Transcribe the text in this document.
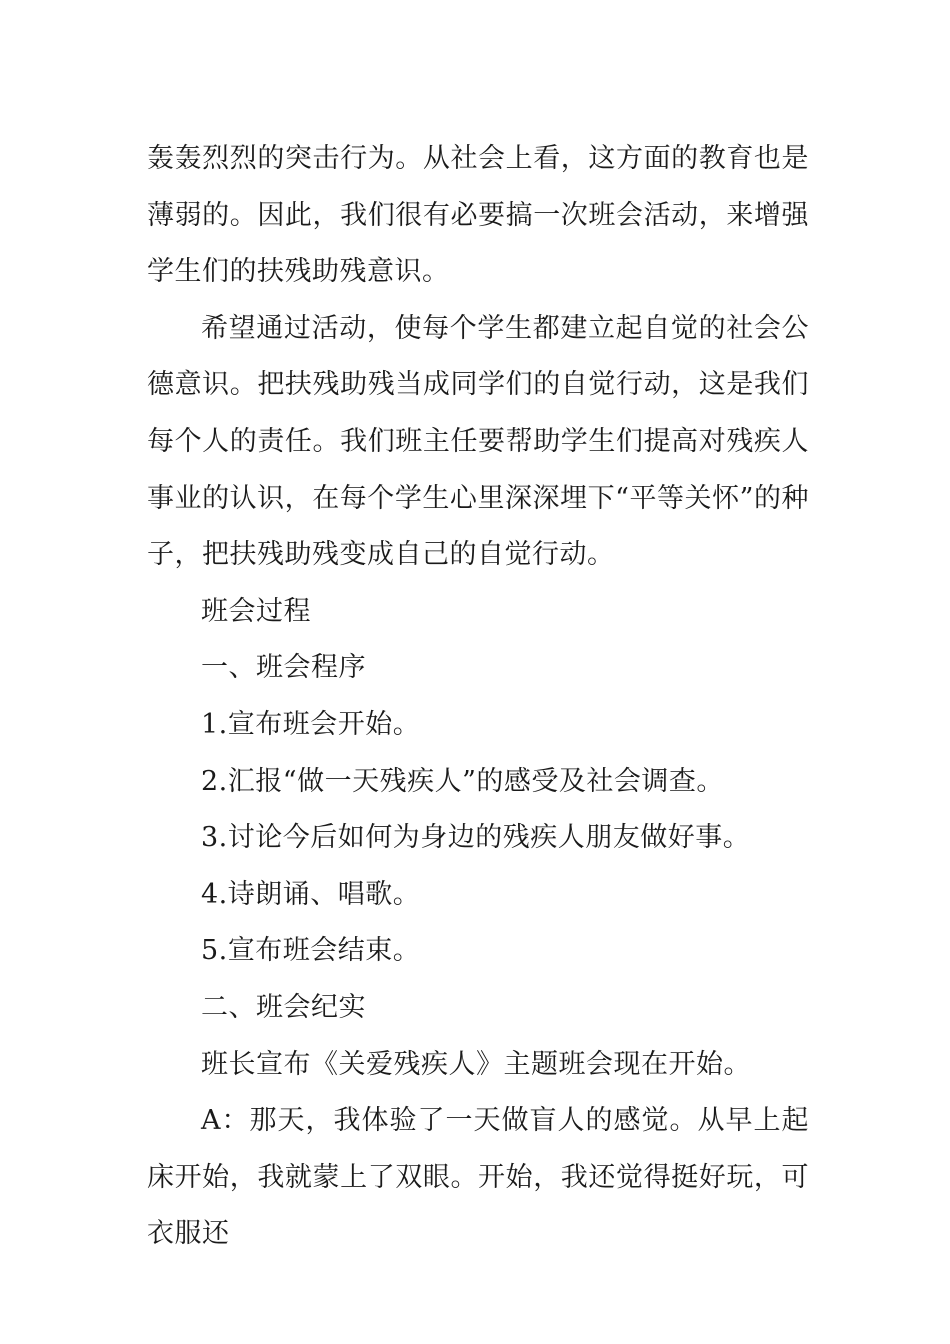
轰轰烈烈的突击行为。从社会上看，这方面的教育也是薄弱的。因此，我们很有必要搞一次班会活动，来增强学生们的扶残助残意识。

希望通过活动，使每个学生都建立起自觉的社会公德意识。把扶残助残当成同学们的自觉行动，这是我们每个人的责任。我们班主任要帮助学生们提高对残疾人事业的认识，在每个学生心里深深埋下“平等关怀”的种子，把扶残助残变成自己的自觉行动。

班会过程

一、班会程序

1.宣布班会开始。

2.汇报“做一天残疾人”的感受及社会调查。

3.讨论今后如何为身边的残疾人朋友做好事。

4.诗朗诵、唱歌。

5.宣布班会结束。

二、班会纪实

班长宣布《关爱残疾人》主题班会现在开始。

A：那天，我体验了一天做盲人的感觉。从早上起床开始，我就蒙上了双眼。开始，我还觉得挺好玩，可衣服还
